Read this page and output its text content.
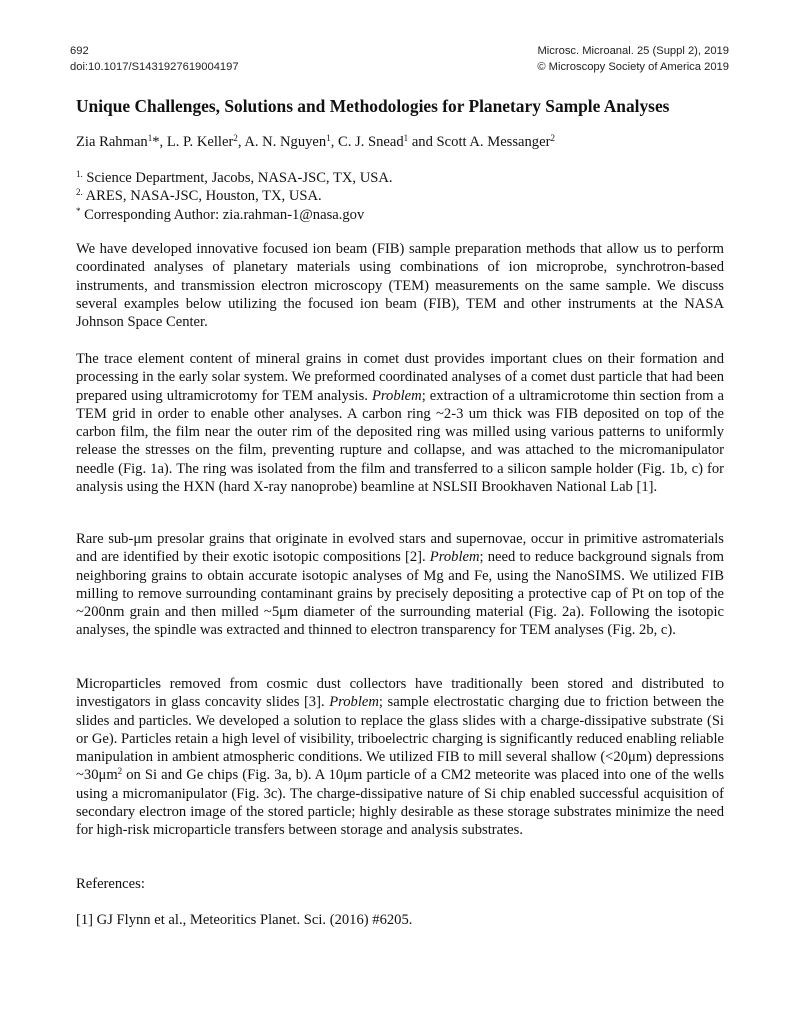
692
doi:10.1017/S1431927619004197
Microsc. Microanal. 25 (Suppl 2), 2019
© Microscopy Society of America 2019
Unique Challenges, Solutions and Methodologies for Planetary Sample Analyses
Zia Rahman$^1$*, L. P. Keller$^2$, A. N. Nguyen$^1$, C. J. Snead$^1$ and Scott A. Messanger$^2$
$^{1.}$ Science Department, Jacobs, NASA-JSC, TX, USA.
$^{2.}$ ARES, NASA-JSC, Houston, TX, USA.
* Corresponding Author: zia.rahman-1@nasa.gov

We have developed innovative focused ion beam (FIB) sample preparation methods that allow us to perform coordinated analyses of planetary materials using combinations of ion microprobe, synchrotron-based instruments, and transmission electron microscopy (TEM) measurements on the same sample. We discuss several examples below utilizing the focused ion beam (FIB), TEM and other instruments at the NASA Johnson Space Center.

The trace element content of mineral grains in comet dust provides important clues on their formation and processing in the early solar system. We preformed coordinated analyses of a comet dust particle that had been prepared using ultramicrotomy for TEM analysis. Problem; extraction of a ultramicrotome thin section from a TEM grid in order to enable other analyses. A carbon ring ~2-3 um thick was FIB deposited on top of the carbon film, the film near the outer rim of the deposited ring was milled using various patterns to uniformly release the stresses on the film, preventing rupture and collapse, and was attached to the micromanipulator needle (Fig. 1a). The ring was isolated from the film and transferred to a silicon sample holder (Fig. 1b, c) for analysis using the HXN (hard X-ray nanoprobe) beamline at NSLSII Brookhaven National Lab [1].

Rare sub-μm presolar grains that originate in evolved stars and supernovae, occur in primitive astromaterials and are identified by their exotic isotopic compositions [2]. Problem; need to reduce background signals from neighboring grains to obtain accurate isotopic analyses of Mg and Fe, using the NanoSIMS. We utilized FIB milling to remove surrounding contaminant grains by precisely depositing a protective cap of Pt on top of the ~200nm grain and then milled ~5μm diameter of the surrounding material (Fig. 2a). Following the isotopic analyses, the spindle was extracted and thinned to electron transparency for TEM analyses (Fig. 2b, c).

Microparticles removed from cosmic dust collectors have traditionally been stored and distributed to investigators in glass concavity slides [3]. Problem; sample electrostatic charging due to friction between the slides and particles. We developed a solution to replace the glass slides with a charge-dissipative substrate (Si or Ge). Particles retain a high level of visibility, triboelectric charging is significantly reduced enabling reliable manipulation in ambient atmospheric conditions. We utilized FIB to mill several shallow (<20μm) depressions $\sim 30\mu m^2$ on Si and Ge chips (Fig. 3a, b). A 10μm particle of a CM2 meteorite was placed into one of the wells using a micromanipulator (Fig. 3c). The charge-dissipative nature of Si chip enabled successful acquisition of secondary electron image of the stored particle; highly desirable as these storage substrates minimize the need for high-risk microparticle transfers between storage and analysis substrates.

References:
[1] GJ Flynn et al., Meteoritics Planet. Sci. (2016) #6205.
